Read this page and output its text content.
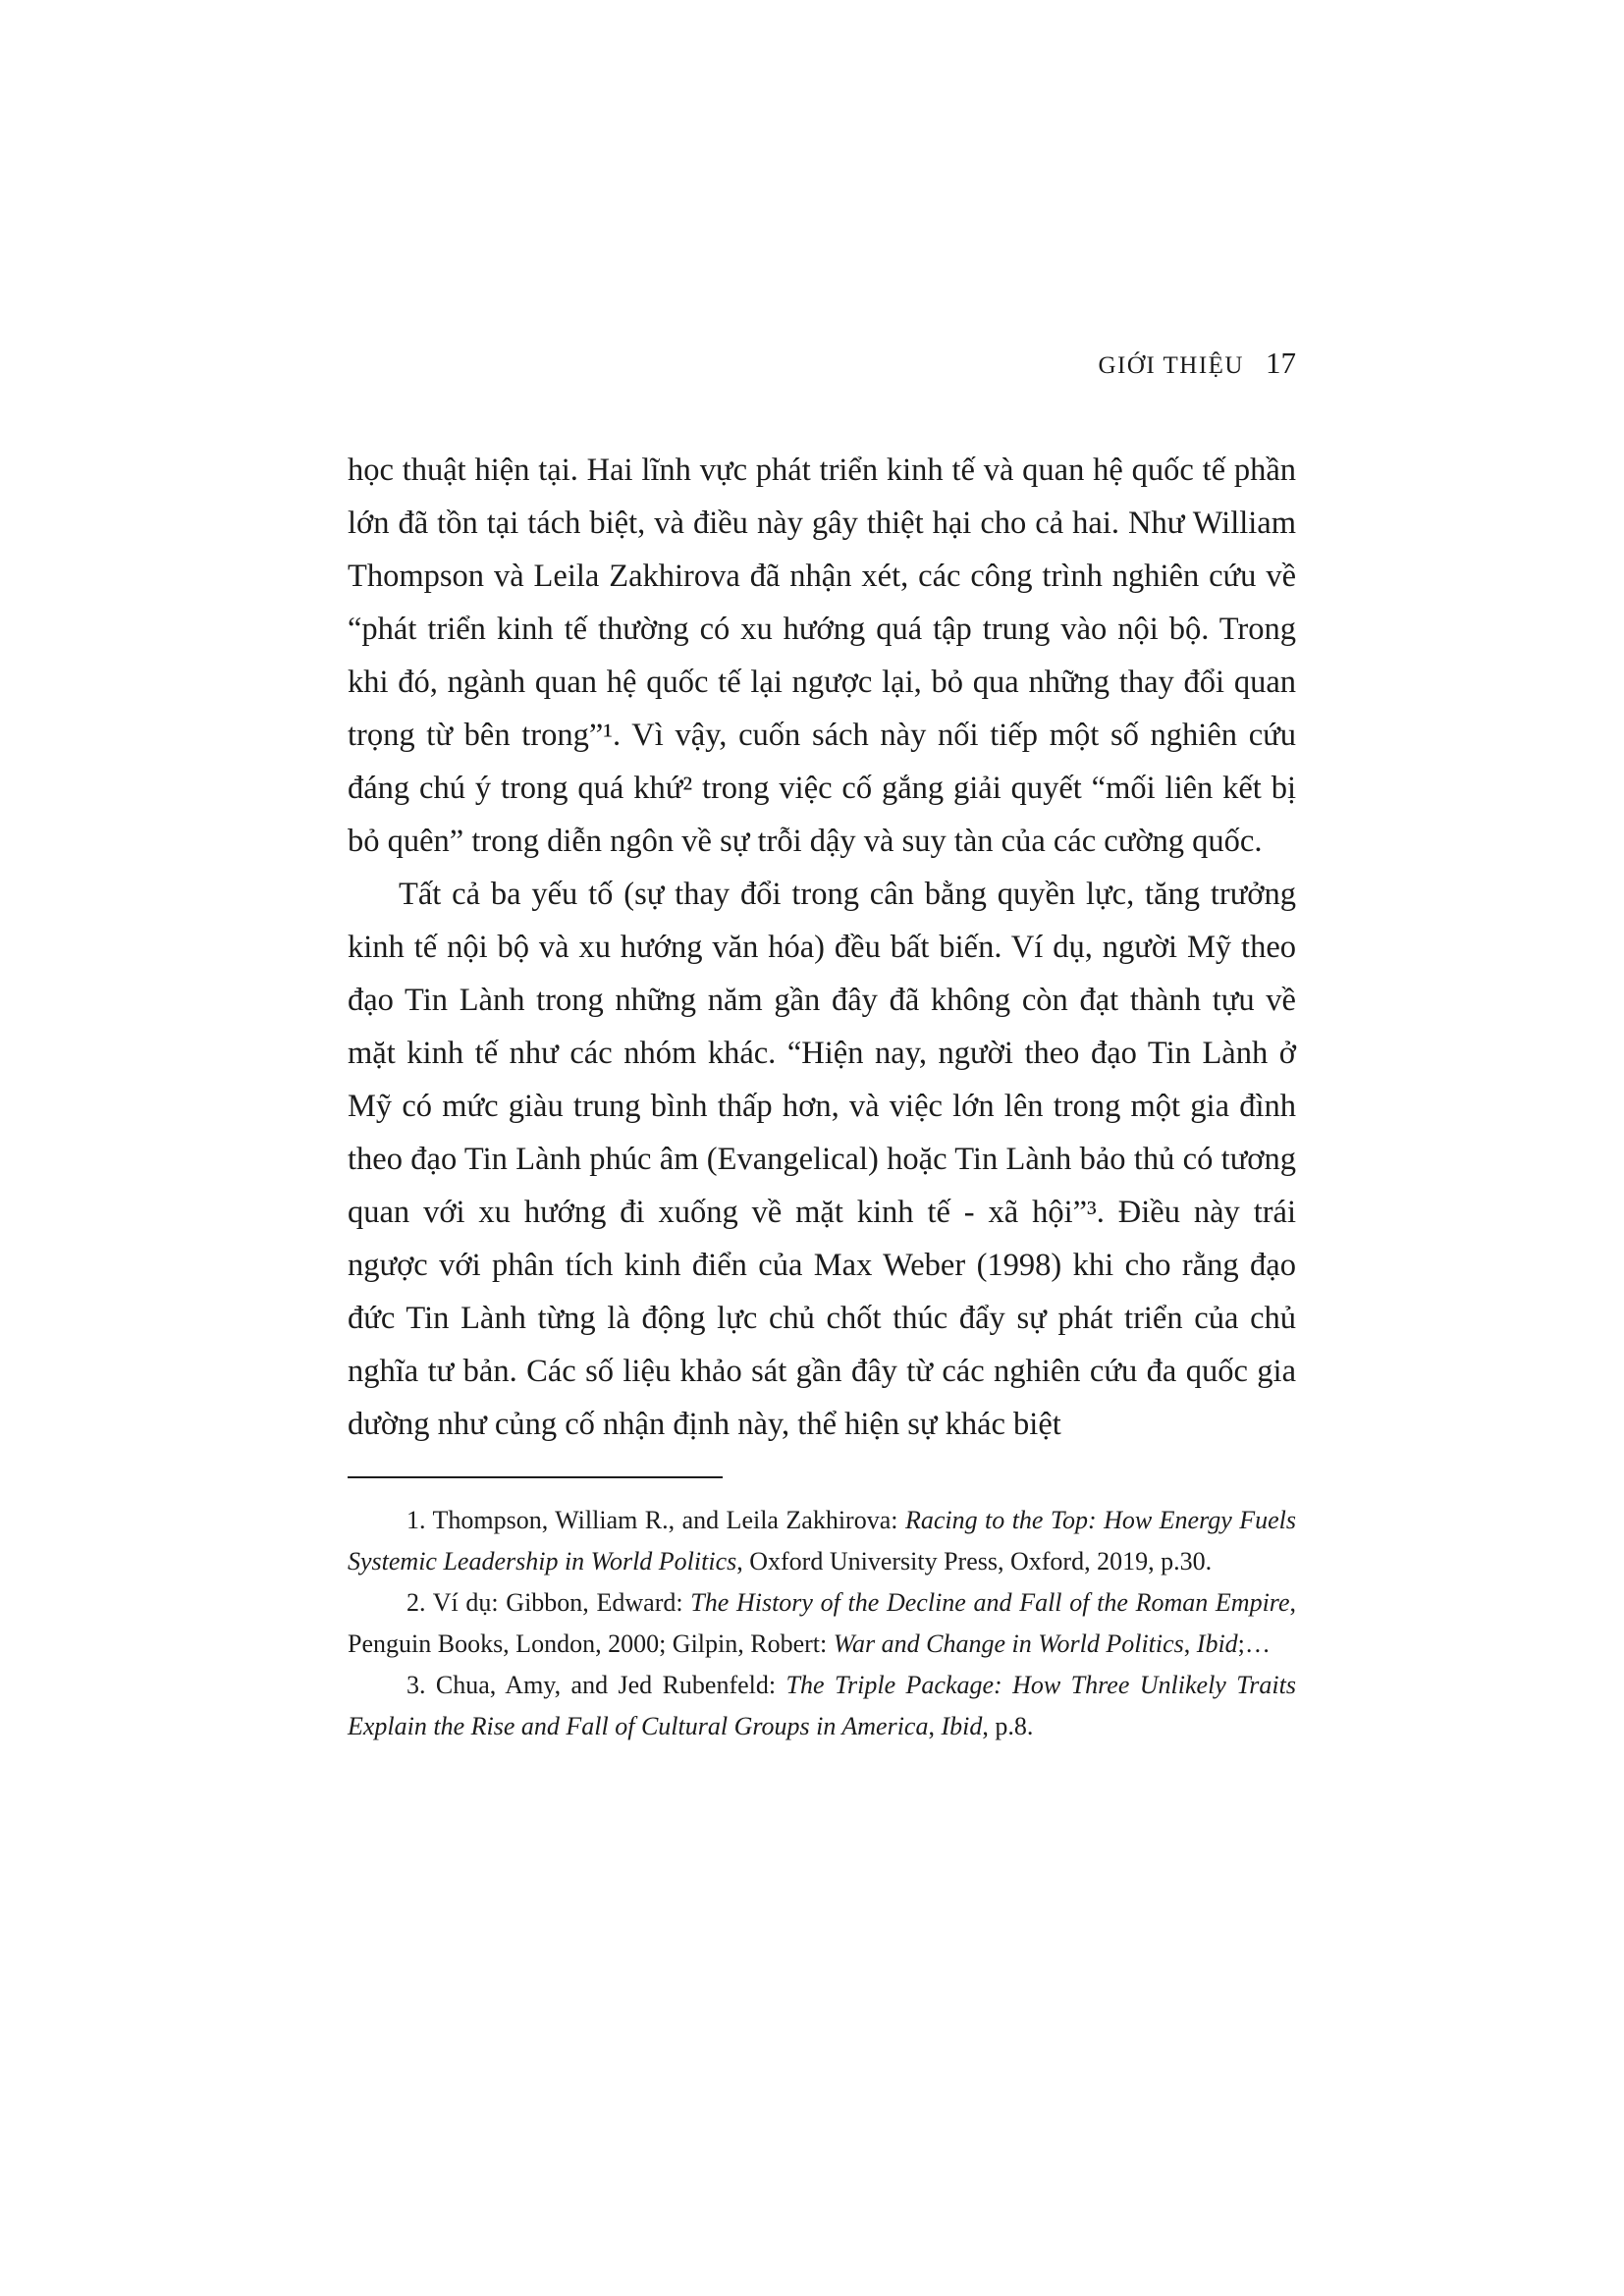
GIỚI THIỆU 17

học thuật hiện tại. Hai lĩnh vực phát triển kinh tế và quan hệ quốc tế phần lớn đã tồn tại tách biệt, và điều này gây thiệt hại cho cả hai. Như William Thompson và Leila Zakhirova đã nhận xét, các công trình nghiên cứu về “phát triển kinh tế thường có xu hướng quá tập trung vào nội bộ. Trong khi đó, ngành quan hệ quốc tế lại ngược lại, bỏ qua những thay đổi quan trọng từ bên trong”¹. Vì vậy, cuốn sách này nối tiếp một số nghiên cứu đáng chú ý trong quá khứ² trong việc cố gắng giải quyết “mối liên kết bị bỏ quên” trong diễn ngôn về sự trỗi dậy và suy tàn của các cường quốc.

Tất cả ba yếu tố (sự thay đổi trong cân bằng quyền lực, tăng trưởng kinh tế nội bộ và xu hướng văn hóa) đều bất biến. Ví dụ, người Mỹ theo đạo Tin Lành trong những năm gần đây đã không còn đạt thành tựu về mặt kinh tế như các nhóm khác. “Hiện nay, người theo đạo Tin Lành ở Mỹ có mức giàu trung bình thấp hơn, và việc lớn lên trong một gia đình theo đạo Tin Lành phúc âm (Evangelical) hoặc Tin Lành bảo thủ có tương quan với xu hướng đi xuống về mặt kinh tế - xã hội”³. Điều này trái ngược với phân tích kinh điển của Max Weber (1998) khi cho rằng đạo đức Tin Lành từng là động lực chủ chốt thúc đẩy sự phát triển của chủ nghĩa tư bản. Các số liệu khảo sát gần đây từ các nghiên cứu đa quốc gia dường như củng cố nhận định này, thể hiện sự khác biệt

1. Thompson, William R., and Leila Zakhirova: Racing to the Top: How Energy Fuels Systemic Leadership in World Politics, Oxford University Press, Oxford, 2019, p.30.

2. Ví dụ: Gibbon, Edward: The History of the Decline and Fall of the Roman Empire, Penguin Books, London, 2000; Gilpin, Robert: War and Change in World Politics, Ibid;…

3. Chua, Amy, and Jed Rubenfeld: The Triple Package: How Three Unlikely Traits Explain the Rise and Fall of Cultural Groups in America, Ibid, p.8.
